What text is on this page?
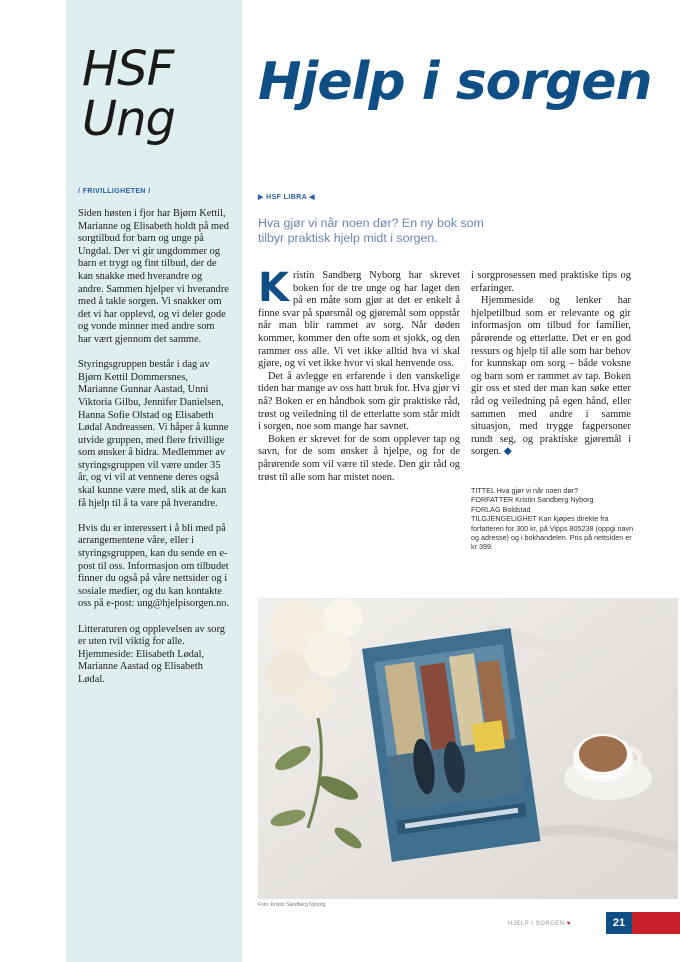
HSF
Ung
/ FRIVILLIGHETEN /

Siden høsten i fjor har Bjørn Kettil, Marianne og Elisabeth holdt på med sorgtilbud for barn og unge på Ungdal. Der vi gir ungdommer og barn et trygt og fint tilbud, der de kan snakke med hverandre og andre. Sammen hjelper vi hverandre med å takle sorgen. Vi snakker om det vi har opplevd, og vi deler gode og vonde minner med andre som har vært gjennom det samme.

Styringsgruppen består i dag av Bjørn Kettil Dommersnes, Marianne Gunnar Aastad, Unni Viktoria Gilbu, Jennifer Danielsen, Hanna Sofie Olstad og Elisabeth Lødal Andreassen. Vi håper å kunne utvide gruppen, med flere frivillige som ønsker å bidra. Medlemmer av styringsgruppen vil være under 35 år, og vi vil at vennene deres også skal kunne være med, slik at de kan få hjelp til å ta vare på hverandre.

Hvis du er interessert i å bli med på arrangementene våre, eller i styringsgruppen, kan du sende en e-post til oss. Informasjon om tilbudet finner du også på våre nettsider og i sosiale medier, og du kan kontakte oss på e-post: ung@hjelpisorgen.no.

Litteraturen og opplevelsen av sorg er uten tvil viktig for alle. Hjemmeside: Elisabeth Lødal, Marianne Aastad og Elisabeth Lødal.

Hjelp i sorgen
▶ HSF LIBRA ◀
Hva gjør vi når noen dør? En ny bok som
tilbyr praktisk hjelp midt i sorgen.
K ristin Sandberg Nyborg har skrevet boken for de tre unge og har laget den på en måte som gjør at det er enkelt å finne svar på spørsmål og gjøremål som oppstår når man blir rammet av sorg. Når døden kommer, kommer den ofte som et sjokk, og den rammer oss alle. Vi vet ikke alltid hva vi skal gjøre, og vi vet ikke hvor vi skal henvende oss.

Det å avlegge en erfarende i den vanskelige tiden har mange av oss hatt bruk for. Hva gjør vi nå? Boken er en håndbok som gir praktiske råd, trøst og veiledning til de etterlatte som står midt i sorgen, noe som mange har savnet.

Boken er skrevet for de som opplever tap og savn, for de som ønsker å hjelpe, og for de pårørende som vil være til stede. Den gir råd og trøst til alle som har mistet noen.

i sorgprosessen med praktiske tips og erfaringer.

Hjemmeside og lenker har hjelpetilbud som er relevante og gir informasjon om tilbud for familier, pårørende og etterlatte. Det er en god ressurs og hjelp til alle som har behov for kunnskap om sorg – både voksne og barn som er rammet av tap. Boken gir oss et sted der man kan søke etter råd og veiledning på egen hånd, eller sammen med andre i samme situasjon, med trygge fagpersoner rundt seg, og praktiske gjøremål i sorgen. ◆

TITTEL Hva gjør vi når noen dør?
FORFATTER Kristin Sandberg Nyborg
FORLAG Boldstad
TILGJENGELIGHET Kan kjøpes direkte fra forfatteren for 300 kr, på Vipps 805238 (oppgi navn og adresse) og i bokhandelen. Pris på nettsiden er kr 399.
Foto: Kristin Sandberg Nyborg
HJELP I SORGEN ♥	21
